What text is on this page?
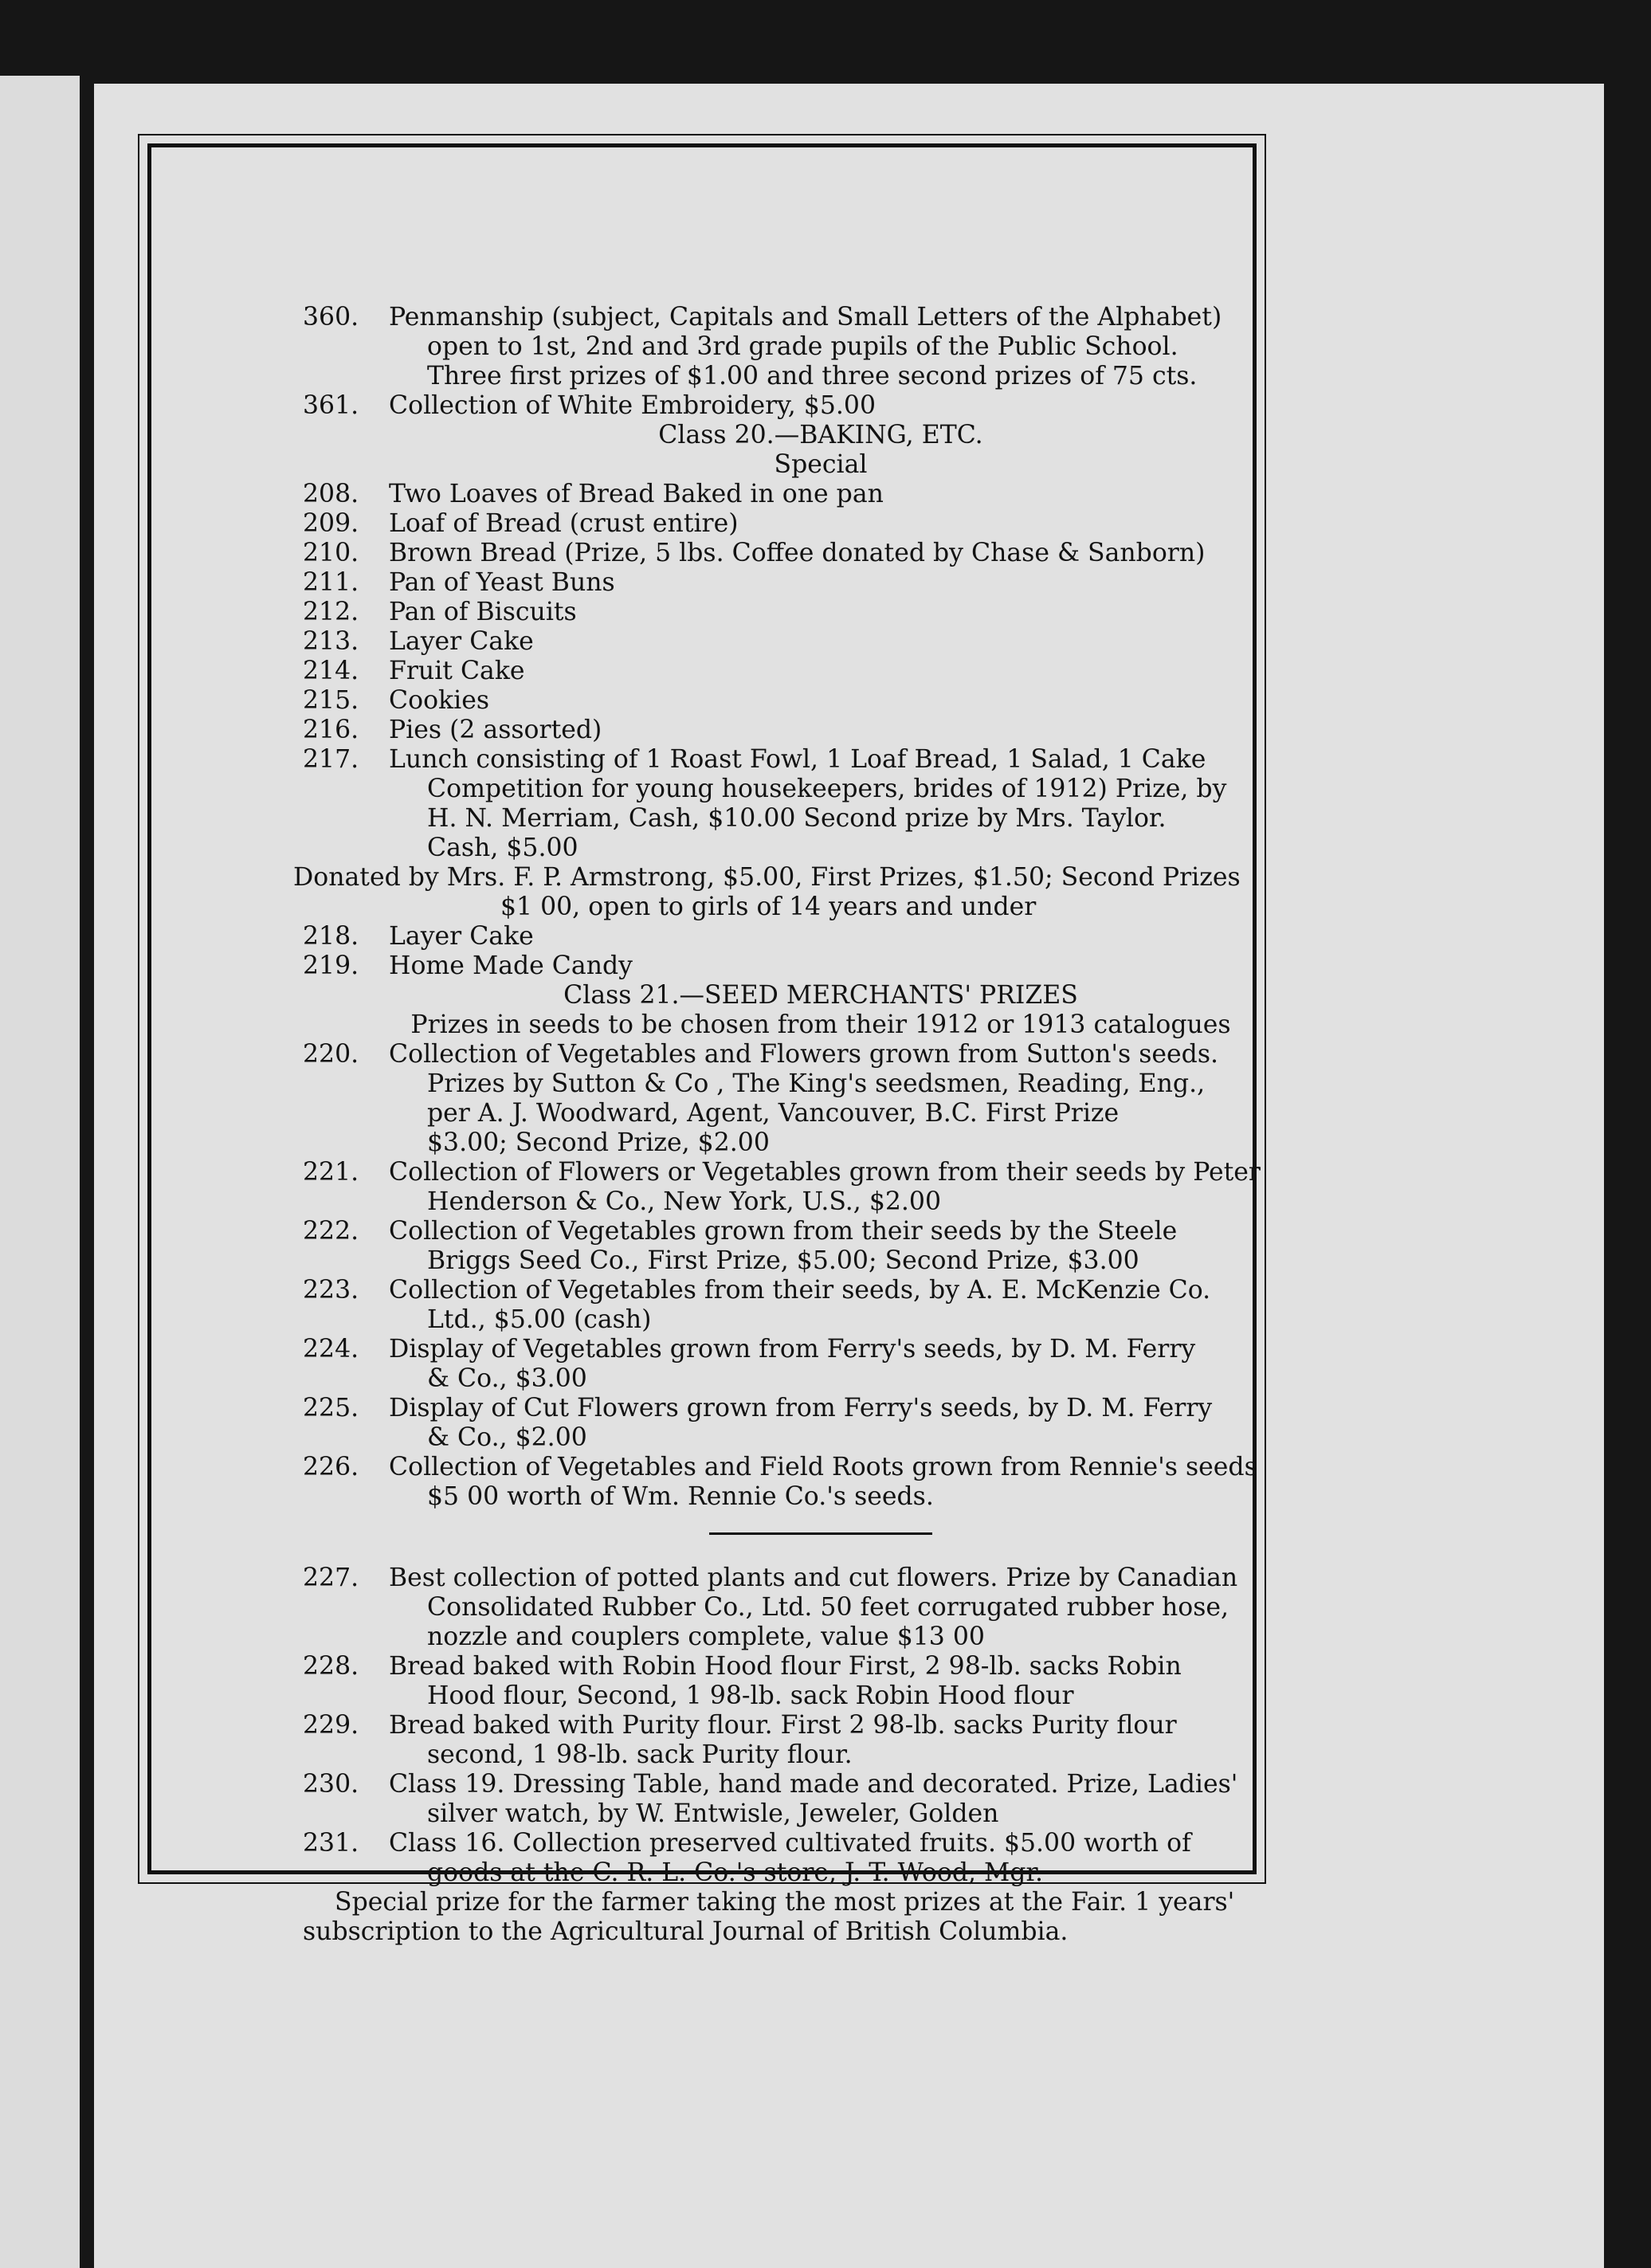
360.	Penmanship (subject, Capitals and Small Letters of the Alphabet)
open to 1st, 2nd and 3rd grade pupils of the Public School.
Three first prizes of $1.00 and three second prizes of 75 cts.
361.	Collection of White Embroidery, $5.00
Class 20.—BAKING, ETC.
Special
208.	Two Loaves of Bread Baked in one pan
209.	Loaf of Bread (crust entire)
210.	Brown Bread (Prize, 5 lbs. Coffee donated by Chase & Sanborn)
211.	Pan of Yeast Buns
212.	Pan of Biscuits
213.	Layer Cake
214.	Fruit Cake
215.	Cookies
216.	Pies (2 assorted)
217.	Lunch consisting of 1 Roast Fowl, 1 Loaf Bread, 1 Salad, 1 Cake
Competition for young housekeepers, brides of 1912) Prize, by
H. N. Merriam, Cash, $10.00 Second prize by Mrs. Taylor.
Cash, $5.00
Donated by Mrs. F. P. Armstrong, $5.00, First Prizes, $1.50; Second Prizes
$1 00, open to girls of 14 years and under
218.	Layer Cake
219.	Home Made Candy
Class 21.—SEED MERCHANTS' PRIZES
Prizes in seeds to be chosen from their 1912 or 1913 catalogues
220.	Collection of Vegetables and Flowers grown from Sutton's seeds.
Prizes by Sutton & Co , The King's seedsmen, Reading, Eng.,
per A. J. Woodward, Agent, Vancouver, B.C. First Prize
$3.00; Second Prize, $2.00
221.	Collection of Flowers or Vegetables grown from their seeds by Peter
Henderson & Co., New York, U.S., $2.00
222.	Collection of Vegetables grown from their seeds by the Steele
Briggs Seed Co., First Prize, $5.00; Second Prize, $3.00
223.	Collection of Vegetables from their seeds, by A. E. McKenzie Co.
Ltd., $5.00 (cash)
224.	Display of Vegetables grown from Ferry's seeds, by D. M. Ferry
& Co., $3.00
225.	Display of Cut Flowers grown from Ferry's seeds, by D. M. Ferry
& Co., $2.00
226.	Collection of Vegetables and Field Roots grown from Rennie's seeds
$5 00 worth of Wm. Rennie Co.'s seeds.
227.	Best collection of potted plants and cut flowers. Prize by Canadian
Consolidated Rubber Co., Ltd. 50 feet corrugated rubber hose,
nozzle and couplers complete, value $13 00
228.	Bread baked with Robin Hood flour First, 2 98-lb. sacks Robin
Hood flour, Second, 1 98-lb. sack Robin Hood flour
229.	Bread baked with Purity flour. First 2 98-lb. sacks Purity flour
second, 1 98-lb. sack Purity flour.
230.	Class 19. Dressing Table, hand made and decorated. Prize, Ladies'
silver watch, by W. Entwisle, Jeweler, Golden
231.	Class 16. Collection preserved cultivated fruits. $5.00 worth of
goods at the C. R. L. Co.'s store, J. T. Wood, Mgr.
Special prize for the farmer taking the most prizes at the Fair. 1 years'
subscription to the Agricultural Journal of British Columbia.
